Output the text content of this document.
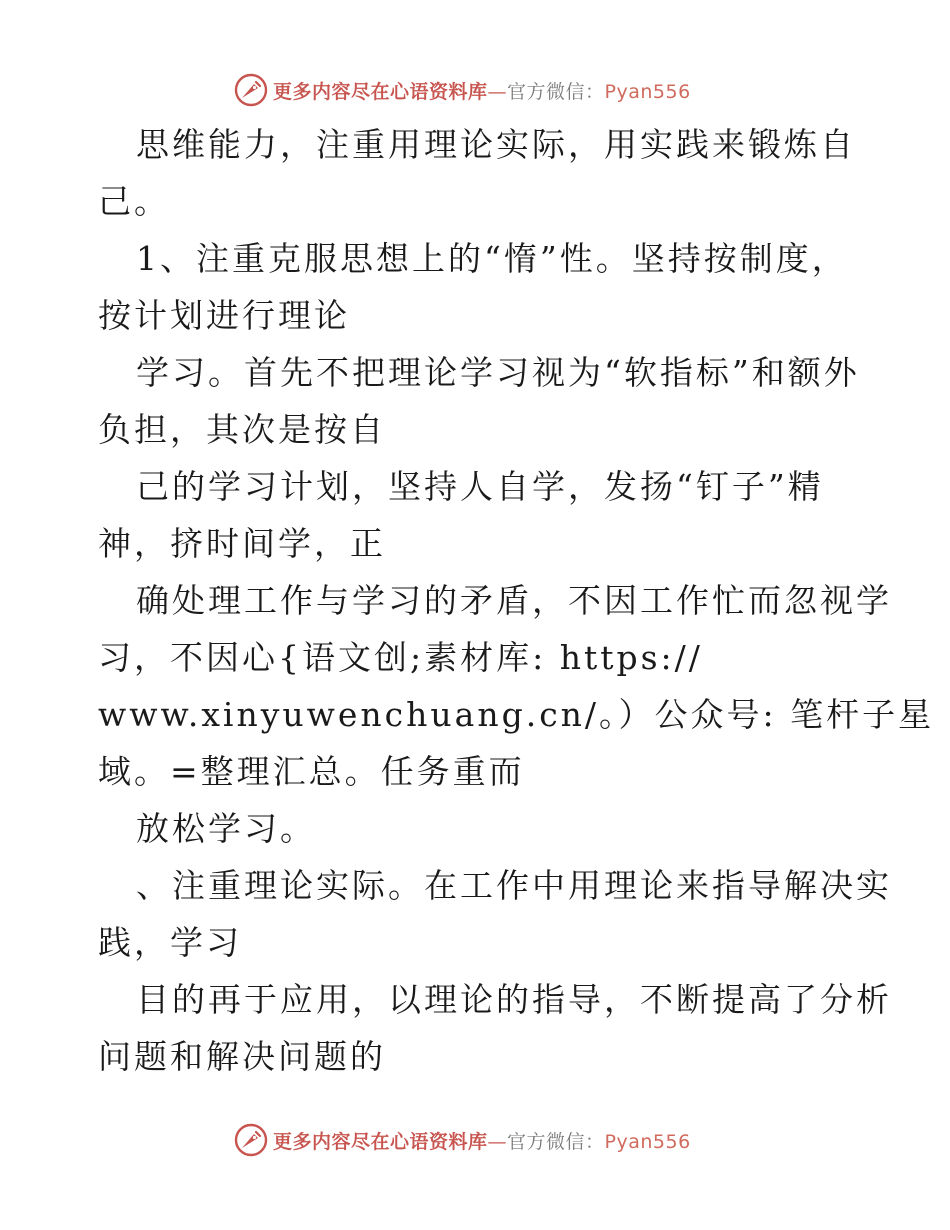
更多内容尽在心语资料库—官方微信：Pyan556
思维能力，注重用理论实际，用实践来锻炼自
己。
1、注重克服思想上的“惰”性。坚持按制度，
按计划进行理论
学习。首先不把理论学习视为“软指标”和额外
负担，其次是按自
己的学习计划，坚持人自学，发扬“钉子”精
神，挤时间学，正
确处理工作与学习的矛盾，不因工作忙而忽视学
习，不因心{语文创;素材库: https://
www.xinyuwenchuang.cn/。）公众号: 笔杆子星
域。=整理汇总。任务重而
放松学习。
、注重理论实际。在工作中用理论来指导解决实
践，学习
目的再于应用，以理论的指导，不断提高了分析
问题和解决问题的
更多内容尽在心语资料库—官方微信：Pyan556
